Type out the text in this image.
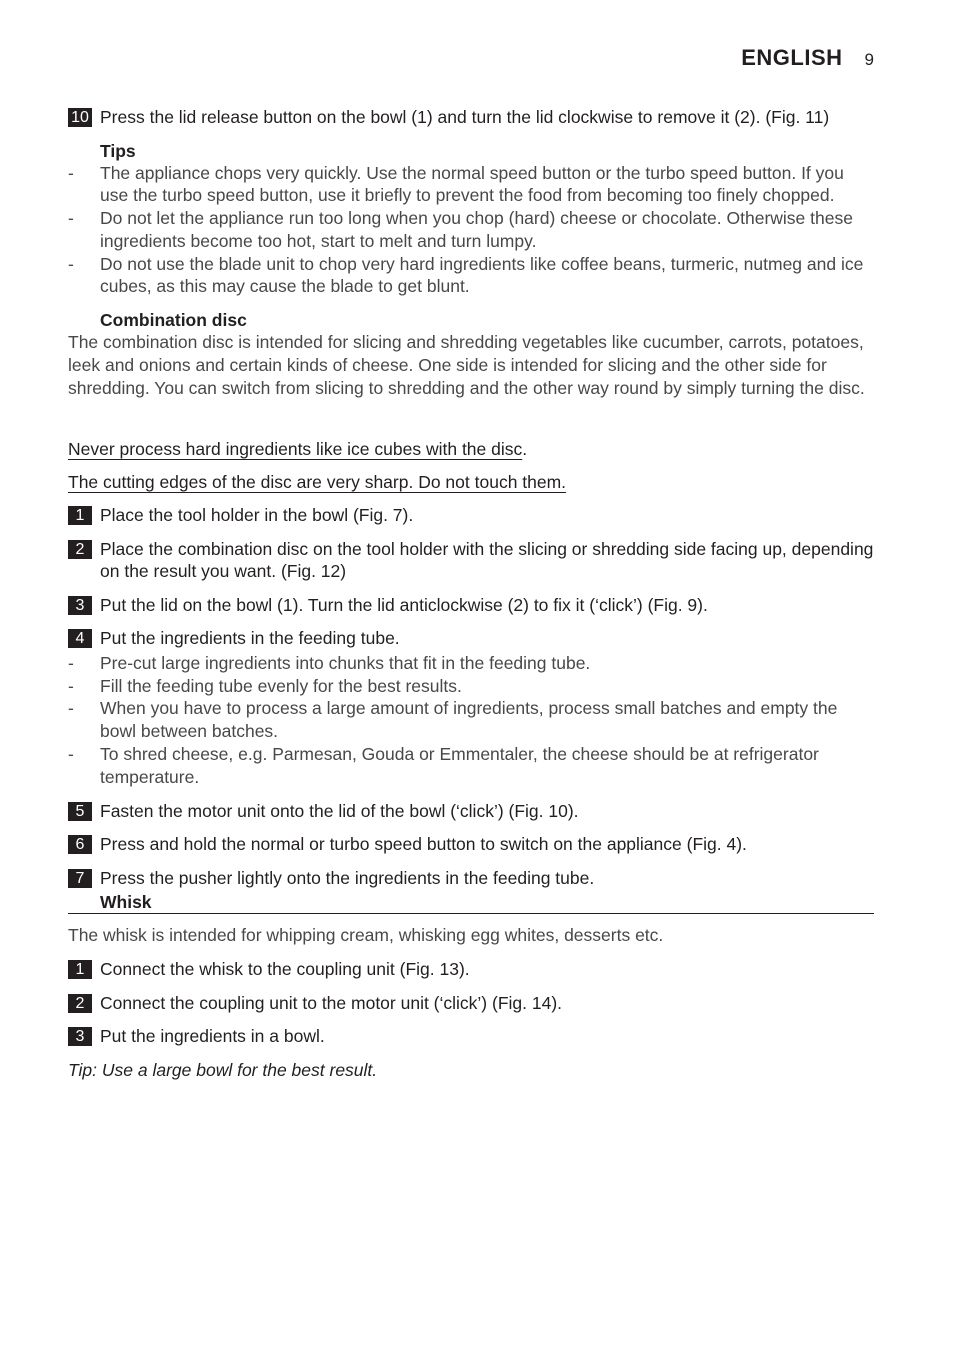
ENGLISH 9
10 Press the lid release button on the bowl (1) and turn the lid clockwise to remove it (2). (Fig. 11)
Tips
- The appliance chops very quickly. Use the normal speed button or the turbo speed button. If you use the turbo speed button, use it briefly to prevent the food from becoming too finely chopped.
- Do not let the appliance run too long when you chop (hard) cheese or chocolate. Otherwise these ingredients become too hot, start to melt and turn lumpy.
- Do not use the blade unit to chop very hard ingredients like coffee beans, turmeric, nutmeg and ice cubes, as this may cause the blade to get blunt.
Combination disc
The combination disc is intended for slicing and shredding vegetables like cucumber, carrots, potatoes, leek and onions and certain kinds of cheese. One side is intended for slicing and the other side for shredding. You can switch from slicing to shredding and the other way round by simply turning the disc.
Never process hard ingredients like ice cubes with the disc.
The cutting edges of the disc are very sharp. Do not touch them.
1 Place the tool holder in the bowl (Fig. 7).
2 Place the combination disc on the tool holder with the slicing or shredding side facing up, depending on the result you want. (Fig. 12)
3 Put the lid on the bowl (1). Turn the lid anticlockwise (2) to fix it (‘click’) (Fig. 9).
4 Put the ingredients in the feeding tube.
- Pre-cut large ingredients into chunks that fit in the feeding tube.
- Fill the feeding tube evenly for the best results.
- When you have to process a large amount of ingredients, process small batches and empty the bowl between batches.
- To shred cheese, e.g. Parmesan, Gouda or Emmentaler, the cheese should be at refrigerator temperature.
5 Fasten the motor unit onto the lid of the bowl (‘click’) (Fig. 10).
6 Press and hold the normal or turbo speed button to switch on the appliance (Fig. 4).
7 Press the pusher lightly onto the ingredients in the feeding tube.
Whisk
The whisk is intended for whipping cream, whisking egg whites, desserts etc.
1 Connect the whisk to the coupling unit (Fig. 13).
2 Connect the coupling unit to the motor unit (‘click’) (Fig. 14).
3 Put the ingredients in a bowl.
Tip: Use a large bowl for the best result.
